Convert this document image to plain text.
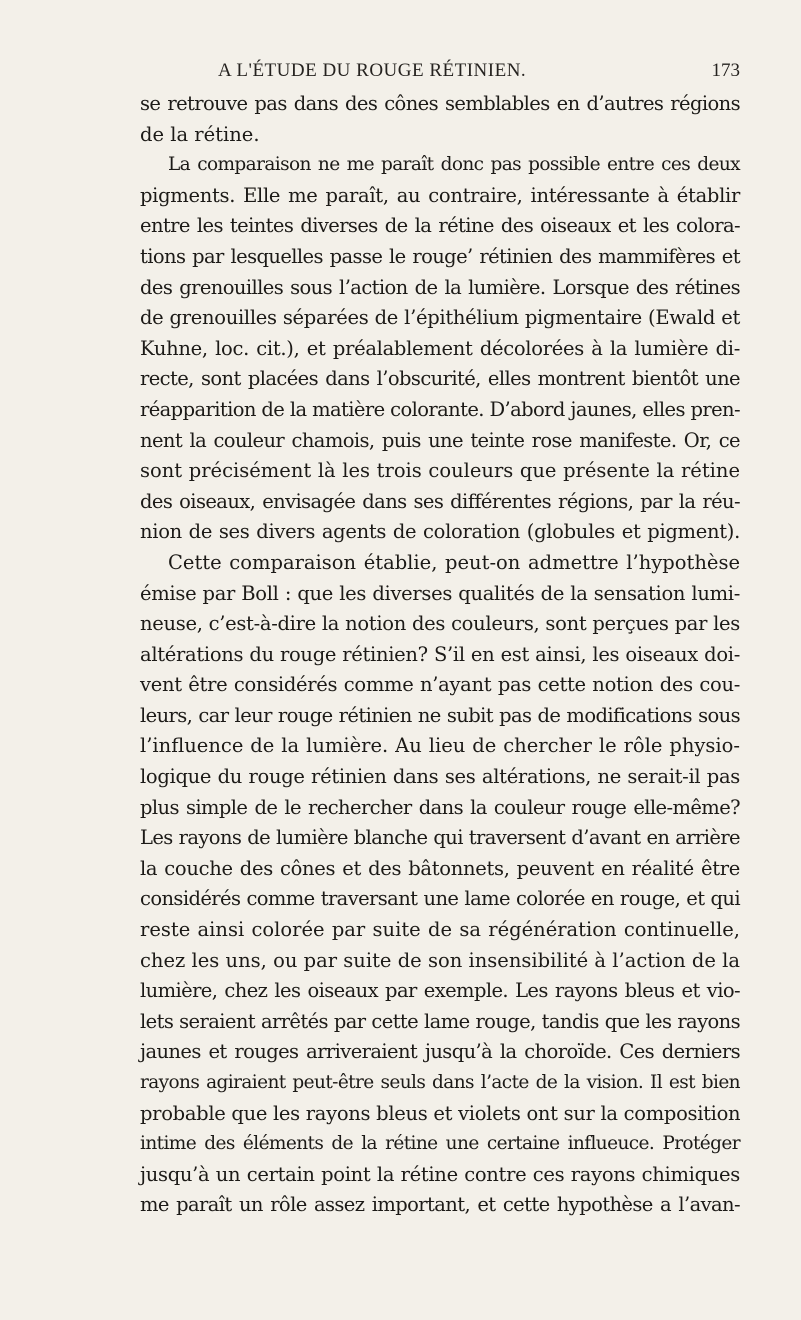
A L'ÉTUDE DU ROUGE RÉTINIEN.	173
se retrouve pas dans des cônes semblables en d’autres régions
de la rétine.
La comparaison ne me paraît donc pas possible entre ces deux
pigments. Elle me paraît, au contraire, intéressante à établir
entre les teintes diverses de la rétine des oiseaux et les colora-
tions par lesquelles passe le rouge’ rétinien des mammifères et
des grenouilles sous l’action de la lumière. Lorsque des rétines
de grenouilles séparées de l’épithélium pigmentaire (Ewald et
Kuhne, loc. cit.), et préalablement décolorées à la lumière di-
recte, sont placées dans l’obscurité, elles montrent bientôt une
réapparition de la matière colorante. D’abord jaunes, elles pren-
nent la couleur chamois, puis une teinte rose manifeste. Or, ce
sont précisément là les trois couleurs que présente la rétine
des oiseaux, envisagée dans ses différentes régions, par la réu-
nion de ses divers agents de coloration (globules et pigment).
Cette comparaison établie, peut-on admettre l’hypothèse
émise par Boll : que les diverses qualités de la sensation lumi-
neuse, c’est-à-dire la notion des couleurs, sont perçues par les
altérations du rouge rétinien? S’il en est ainsi, les oiseaux doi-
vent être considérés comme n’ayant pas cette notion des cou-
leurs, car leur rouge rétinien ne subit pas de modifications sous
l’influence de la lumière. Au lieu de chercher le rôle physio-
logique du rouge rétinien dans ses altérations, ne serait-il pas
plus simple de le rechercher dans la couleur rouge elle-même?
Les rayons de lumière blanche qui traversent d’avant en arrière
la couche des cônes et des bâtonnets, peuvent en réalité être
considérés comme traversant une lame colorée en rouge, et qui
reste ainsi colorée par suite de sa régénération continuelle,
chez les uns, ou par suite de son insensibilité à l’action de la
lumière, chez les oiseaux par exemple. Les rayons bleus et vio-
lets seraient arrêtés par cette lame rouge, tandis que les rayons
jaunes et rouges arriveraient jusqu’à la choroïde. Ces derniers
rayons agiraient peut-être seuls dans l’acte de la vision. Il est bien
probable que les rayons bleus et violets ont sur la composition
intime des éléments de la rétine une certaine influeuce. Protéger
jusqu’à un certain point la rétine contre ces rayons chimiques
me paraît un rôle assez important, et cette hypothèse a l’avan-
